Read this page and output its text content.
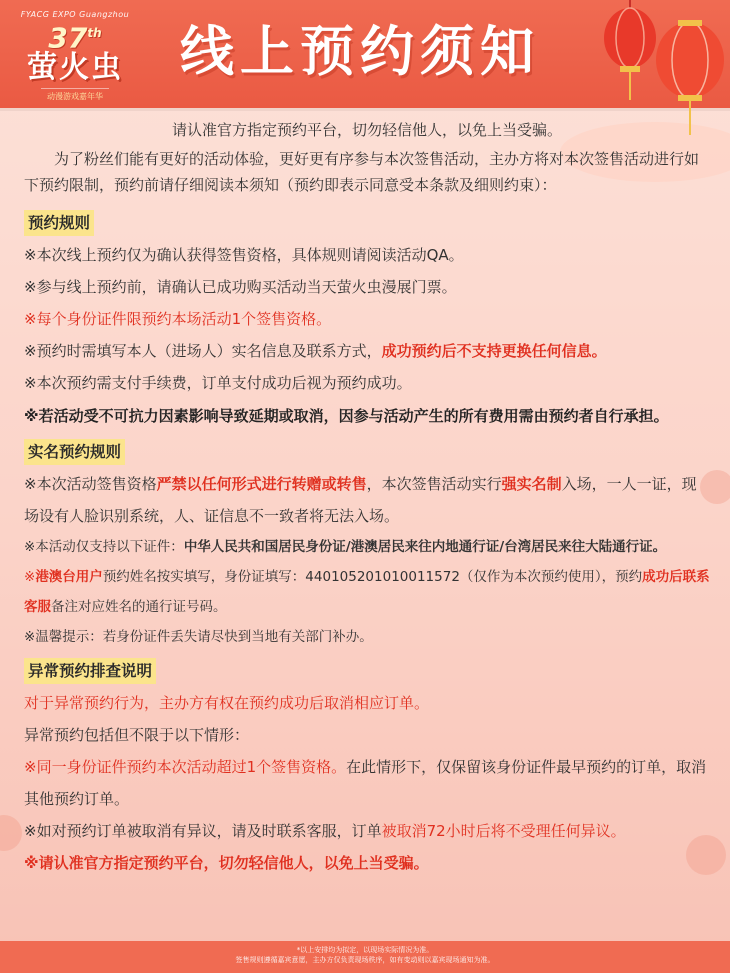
FYACG EXPO Guangzhou
37th
萤火虫
动漫游戏嘉年华
线上预约须知

请认准官方指定预约平台，切勿轻信他人，以免上当受骗。

为了粉丝们能有更好的活动体验，更好更有序参与本次签售活动，主办方将对本次签售活动进行如下预约限制，预约前请仔细阅读本须知（预约即表示同意受本条款及细则约束）：

预约规则

※本次线上预约仅为确认获得签售资格，具体规则请阅读活动QA。

※参与线上预约前，请确认已成功购买活动当天萤火虫漫展门票。

※每个身份证件限预约本场活动1个签售资格。

※预约时需填写本人（进场人）实名信息及联系方式，成功预约后不支持更换任何信息。

※本次预约需支付手续费，订单支付成功后视为预约成功。

※若活动受不可抗力因素影响导致延期或取消，因参与活动产生的所有费用需由预约者自行承担。

实名预约规则

※本次活动签售资格严禁以任何形式进行转赠或转售，本次签售活动实行强实名制入场，一人一证，现场设有人脸识别系统，人、证信息不一致者将无法入场。

※本活动仅支持以下证件：中华人民共和国居民身份证/港澳居民来往内地通行证/台湾居民来往大陆通行证。

※港澳台用户预约姓名按实填写，身份证填写：440105201010011572（仅作为本次预约使用），预约成功后联系客服备注对应姓名的通行证号码。

※温馨提示：若身份证件丢失请尽快到当地有关部门补办。

异常预约排查说明

对于异常预约行为，主办方有权在预约成功后取消相应订单。

异常预约包括但不限于以下情形：

※同一身份证件预约本次活动超过1个签售资格。在此情形下，仅保留该身份证件最早预约的订单，取消其他预约订单。

※如对预约订单被取消有异议，请及时联系客服，订单被取消72小时后将不受理任何异议。

※请认准官方指定预约平台，切勿轻信他人，以免上当受骗。

*以上安排均为拟定，以现场实际情况为准。
签售规则遵循嘉宾意愿，主办方仅负责现场秩序，如有变动则以嘉宾现场通知为准。
